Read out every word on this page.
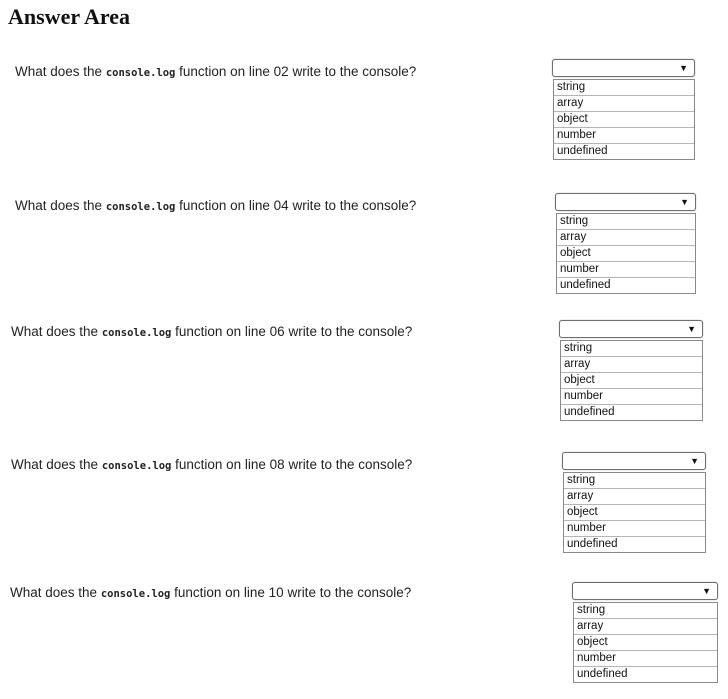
Answer Area
What does the console.log function on line 02 write to the console?	▼
string
array
object
number
undefined
What does the console.log function on line 04 write to the console?	▼
string
array
object
number
undefined
What does the console.log function on line 06 write to the console?	▼
string
array
object
number
undefined
What does the console.log function on line 08 write to the console?	▼
string
array
object
number
undefined
What does the console.log function on line 10 write to the console?	▼
string
array
object
number
undefined
